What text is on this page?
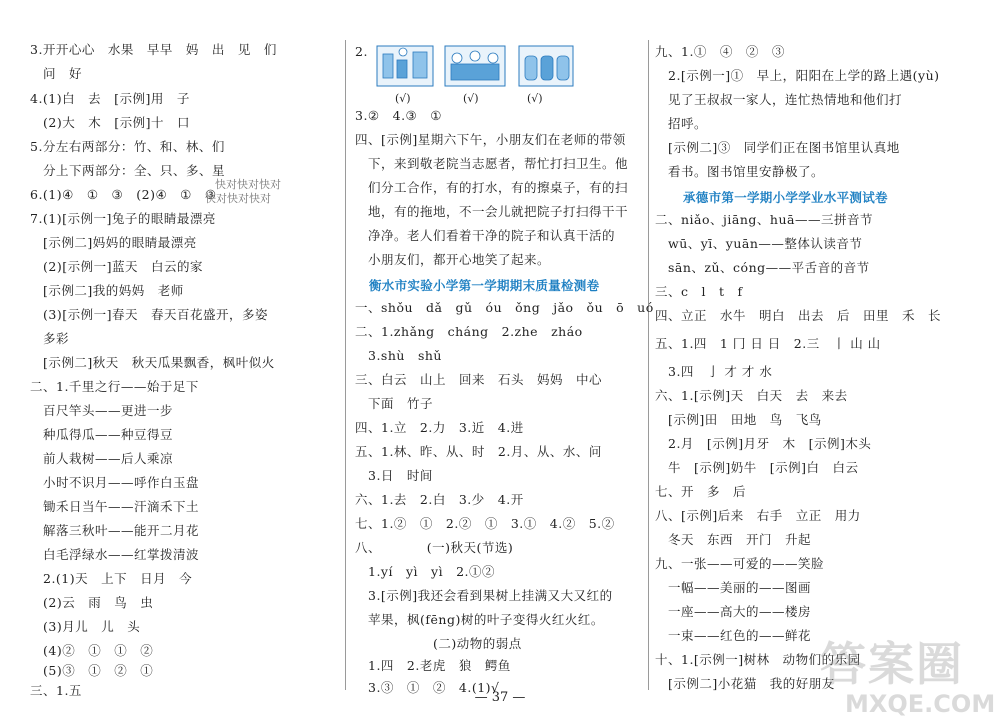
3.开开心心　水果　早早　妈　出　见　们
　问　好
4.(1)白　去　[示例]用　子
　(2)大　木　[示例]十　口
5.分左右两部分：竹、和、林、们
　分上下两部分：全、只、多、星
6.(1)④　①　③　(2)④　①　③
7.(1)[示例一]兔子的眼睛最漂亮
　[示例二]妈妈的眼睛最漂亮
　(2)[示例一]蓝天　白云的家
　[示例二]我的妈妈　老师
　(3)[示例一]春天　春天百花盛开，多姿
　多彩
　[示例二]秋天　秋天瓜果飘香，枫叶似火
二、1.千里之行——始于足下
　百尺竿头——更进一步
　种瓜得瓜——种豆得豆
　前人栽树——后人乘凉
　小时不识月——呼作白玉盘
　锄禾日当午——汗滴禾下土
　解落三秋叶——能开二月花
　白毛浮绿水——红掌拨清波
　2.(1)天　上下　日月　今
　(2)云　雨　鸟　虫
　(3)月儿　儿　头
　(4)②　①　①　②
　(5)③　①　②　①
三、1.五
2.
(√)	(√)	(√)
3.②　4.③　①
四、[示例]星期六下午，小朋友们在老师的带领
　下，来到敬老院当志愿者，帮忙打扫卫生。他
　们分工合作，有的打水，有的擦桌子，有的扫
　地，有的拖地，不一会儿就把院子打扫得干干
　净净。老人们看着干净的院子和认真干活的
　小朋友们，都开心地笑了起来。
衡水市实验小学第一学期期末质量检测卷
一、shǒu　dǎ　gǔ　óu　ǒng　jǎo　ǒu　ō　uó
二、1.zhǎng　cháng　2.zhe　zháo
　3.shù　shǔ
三、白云　山上　回来　石头　妈妈　中心
　下面　竹子
四、1.立　2.力　3.近　4.进
五、1.林、昨、从、时　2.月、从、水、问
　3.日　时间
六、1.去　2.白　3.少　4.开
七、1.②　①　2.②　①　3.①　4.②　5.②
八、　　　　(一)秋天(节选)
　1.yí　yì　yì　2.①②
　3.[示例]我还会看到果树上挂满又大又红的
　苹果，枫(fēng)树的叶子变得火红火红。
　　　　　　(二)动物的弱点
　1.四　2.老虎　狼　鳄鱼
　3.③　①　②　4.(1)√
九、1.①　④　②　③
　2.[示例一]①　早上，阳阳在上学的路上遇(yù)
　见了王叔叔一家人，连忙热情地和他们打
　招呼。
　[示例二]③　同学们正在图书馆里认真地
　看书。图书馆里安静极了。
承德市第一学期小学学业水平测试卷
二、niǎo、jiāng、huā——三拼音节
　wū、yī、yuān——整体认读音节
　sān、zǔ、cóng——平舌音的音节
三、c　l　t　f
四、立正　水牛　明白　出去　后　田里　禾　长
五、1.四　1 冂 日 日　2.三　丨 山 山
　3.四　亅 才 才 水
六、1.[示例]天　白天　去　来去
　[示例]田　田地　鸟　飞鸟
　2.月　[示例]月牙　木　[示例]木头
　牛　[示例]奶牛　[示例]白　白云
七、开　多　后
八、[示例]后来　右手　立正　用力
　冬天　东西　开门　升起
九、一张——可爱的——笑脸
　一幅——美丽的——图画
　一座——高大的——楼房
　一束——红色的——鲜花
十、1.[示例一]树林　动物们的乐园
　[示例二]小花猫　我的好朋友
快对快对快对
快对快对快对
— 37 —
答案圈
MXQE.COM
